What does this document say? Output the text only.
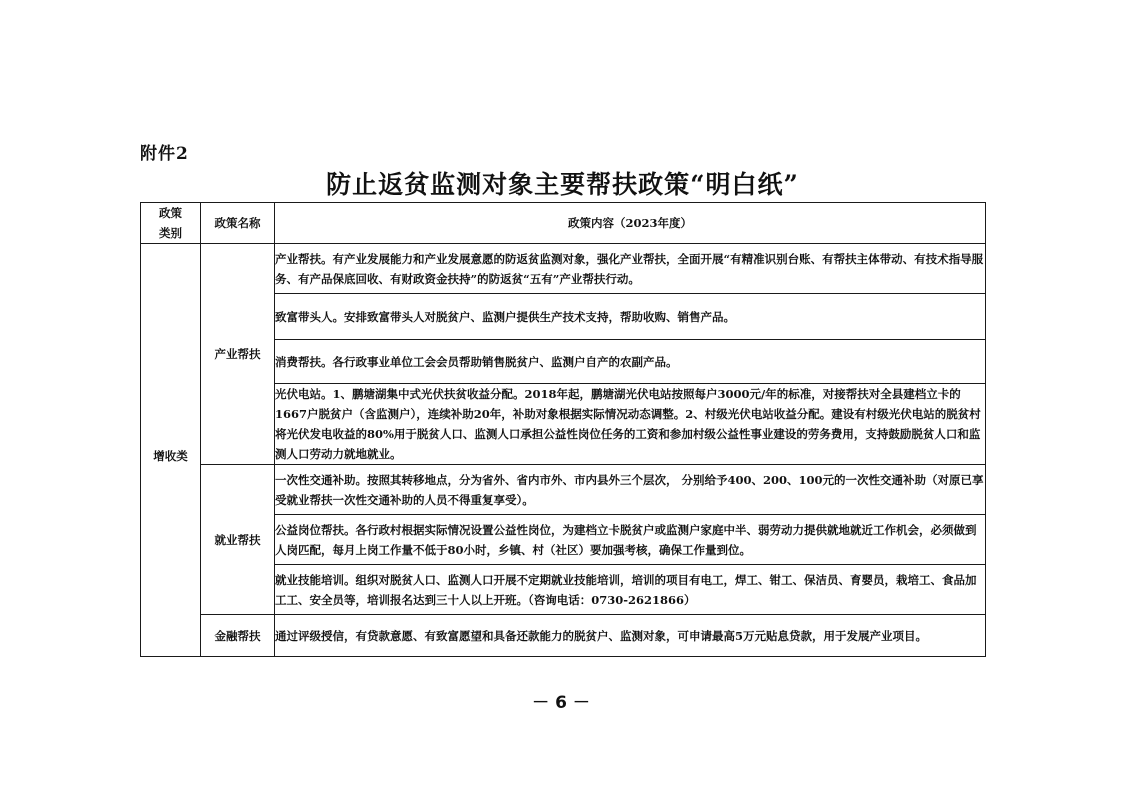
附件2
防止返贫监测对象主要帮扶政策“明白纸”
政策
类别	政策名称	政策内容（2023年度）
增收类	产业帮扶	产业帮扶。有产业发展能力和产业发展意愿的防返贫监测对象，强化产业帮扶，全面开展“有精准识别台账、有帮扶主体带动、有技术指导服务、有产品保底回收、有财政资金扶持”的防返贫“五有”产业帮扶行动。
		致富带头人。安排致富带头人对脱贫户、监测户提供生产技术支持，帮助收购、销售产品。
		消费帮扶。各行政事业单位工会会员帮助销售脱贫户、监测户自产的农副产品。
		光伏电站。1、鹏塘湖集中式光伏扶贫收益分配。2018年起，鹏塘湖光伏电站按照每户3000元/年的标准，对接帮扶对全县建档立卡的1667户脱贫户（含监测户），连续补助20年，补助对象根据实际情况动态调整。2、村级光伏电站收益分配。建设有村级光伏电站的脱贫村将光伏发电收益的80%用于脱贫人口、监测人口承担公益性岗位任务的工资和参加村级公益性事业建设的劳务费用，支持鼓励脱贫人口和监测人口劳动力就地就业。
	就业帮扶	一次性交通补助。按照其转移地点，分为省外、省内市外、市内县外三个层次， 分别给予400、200、100元的一次性交通补助（对原已享受就业帮扶一次性交通补助的人员不得重复享受）。
		公益岗位帮扶。各行政村根据实际情况设置公益性岗位，为建档立卡脱贫户或监测户家庭中半、弱劳动力提供就地就近工作机会，必须做到人岗匹配，每月上岗工作量不低于80小时，乡镇、村（社区）要加强考核，确保工作量到位。
		就业技能培训。组织对脱贫人口、监测人口开展不定期就业技能培训，培训的项目有电工，焊工、钳工、保洁员、育婴员，栽培工、食品加工工、安全员等，培训报名达到三十人以上开班。（咨询电话：0730-2621866）
	金融帮扶	通过评级授信，有贷款意愿、有致富愿望和具备还款能力的脱贫户、监测对象，可申请最高5万元贴息贷款，用于发展产业项目。
－ 6 －
